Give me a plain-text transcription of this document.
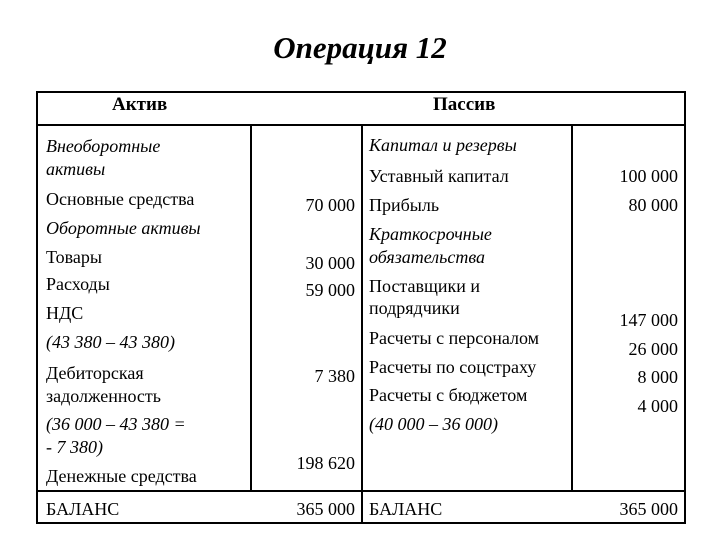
Операция 12
Актив	Пассив
Внеоборотные
активы
Основные средства
Оборотные активы
Товары
Расходы
НДС
(43 380 – 43 380)
Дебиторская
задолженность
(36 000 – 43 380 =
- 7 380)
Денежные средства
БАЛАНС
70 000
30 000
59 000
7 380
198 620
365 000
Капитал и резервы
Уставный капитал
Прибыль
Краткосрочные
обязательства
Поставщики и
подрядчики
Расчеты с персоналом
Расчеты по соцстраху
Расчеты с бюджетом
(40 000 – 36 000)
БАЛАНС
100 000
80 000
147 000
26 000
8 000
4 000
365 000
